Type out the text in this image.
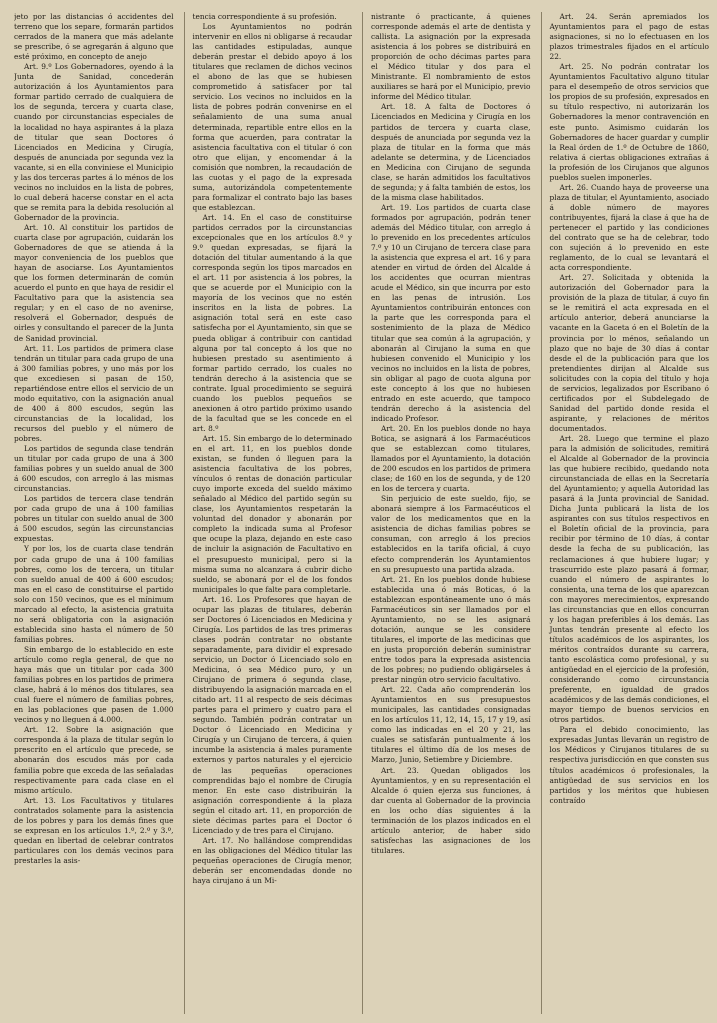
jeto por las distancias ó accidentes del terreno que los separe, formarán partidos cerrados de la manera que más adelante se prescribe, ó se agregarán á alguno que esté próximo, en concepto de anejo

Art. 9.º Los Gobernadores, oyendo á la Junta de Sanidad, concederán autorización á los Ayuntamientos para formar partido cerrado de cualquiera de los de segunda, tercera y cuarta clase, cuando por circunstancias especiales de la localidad no haya aspirantes á la plaza de titular que sean Doctores ó Licenciados en Medicina y Cirugía, después de anunciada por segunda vez la vacante, si en ella conviniese el Municipio y las dos terceras partes á lo ménos de los vecinos no incluidos en la lista de pobres, lo cual deberá hacerse constar en el acta que se remita para la debida resolución al Gobernador de la provincia.

Art. 10. Al constituir los partidos de cuarta clase por agrupación, cuidarán los Gobernadores de que se atienda á la mayor conveniencia de los pueblos que hayan de asociarse. Los Ayuntamientos que los formen determinarán de común acuerdo el punto en que haya de residir el Facultativo para que la asistencia sea regular; y en el caso de no avenirse, resolverá el Gobernador, después de oirles y consultando el parecer de la Junta de Sanidad provincial.

Art. 11. Los partidos de primera clase tendrán un titular para cada grupo de una á 300 familias pobres, y uno más por los que excediesen si pasan de 150, repartiéndose entre ellos el servicio de un modo equitativo, con la asignación anual de 400 á 800 escudos, según las circunstancias de la localidad, los recursos del pueblo y el número de pobres.

Los partidos de segunda clase tendrán un titular por cada grupo de una á 300 familias pobres y un sueldo anual de 300 á 600 escudos, con arreglo á las mismas circunstancias.

Los partidos de tercera clase tendrán por cada grupo de una á 100 familias pobres un titular con sueldo anual de 300 á 500 escudos, según las circunstancias expuestas.

Y por los, los de cuarta clase tendrán por cada grupo de una á 100 familias pobres, como los de tercera, un titular con sueldo anual de 400 á 600 escudos; mas en el caso de constituirse el partido solo con 150 vecinos, que es el mínimum marcado al efecto, la asistencia gratuita no será obligatoria con la asignación establecida sino hasta el número de 50 familias pobres.

Sin embargo de lo establecido en este artículo como regla general, de que no haya más que un titular por cada 300 familias pobres en los partidos de primera clase, habrá á lo ménos dos titulares, sea cual fuere el número de familias pobres, en las poblaciones que pasen de 1.000 vecinos y no lleguen á 4.000.

Art. 12. Sobre la asignación que corresponda á la plaza de titular según lo prescrito en el artículo que precede, se abonarán dos escudos más por cada familia pobre que exceda de las señaladas respectivamente para cada clase en el mismo artículo.

Art. 13. Los Facultativos y titulares contratados solamente para la asistencia de los pobres y para los demás fines que se expresan en los artículos 1.º, 2.º y 3.º, quedan en libertad de celebrar contratos particulares con los demás vecinos para prestarles la asis-

tencia correspondiente á su profesión.

Los Ayuntamientos no podrán intervenir en ellos ni obligarse á recaudar las cantidades estipuladas, aunque deberán prestar el debido apoyo á los titulares que reclamen de dichos vecinos el abono de las que se hubiesen comprometido á satisfacer por tal servicio. Los vecinos no incluidos en la lista de pobres podrán convenirse en el señalamiento de una suma anual determinada, repartible entre ellos en la forma que acuerden, para contratar la asistencia facultativa con el titular ó con otro que elijan, y encomendar á la comisión que nombren, la recaudación de las cuotas y el pago de la expresada suma, autorizándola competentemente para formalizar el contrato bajo las bases que establezcan.

Art. 14. En el caso de constituirse partidos cerrados por la circunstancias excepcionales que en los artículos 8.º y 9.º quedan expresadas, se fijará la dotación del titular aumentando á la que corresponda según los tipos marcados en el art. 11 por asistencia á los pobres, la que se acuerde por el Municipio con la mayoría de los vecinos que no estén inscritos en la lista de pobres. La asignación total será en este caso satisfecha por el Ayuntamiento, sin que se pueda obligar á contribuir con cantidad alguna por tal concepto á los que no hubiesen prestado su asentimiento á formar partido cerrado, los cuales no tendrán derecho á la asistencia que se contrate. Igual procedimiento se seguirá cuando los pueblos pequeños se anexionen á otro partido próximo usando de la facultad que se les concede en el art. 8.º

Art. 15. Sin embargo de lo determinado en el art. 11, en los pueblos donde existan, se funden ó lleguen para la asistencia facultativa de los pobres, vínculos ó rentas de donación particular cuyo importe exceda del sueldo máximo señalado al Médico del partido según su clase, los Ayuntamientos respetarán la voluntad del donador y abonarán por completo la indicada suma al Profesor que ocupe la plaza, dejando en este caso de incluir la asignación de Facultativo en el presupuesto municipal, pero si la misma suma no alcanzara á cubrir dicho sueldo, se abonará por el de los fondos municipales lo que falte para completarle.

Art. 16. Los Profesores que hayan de ocupar las plazas de titulares, deberán ser Doctores ó Licenciados en Medicina y Cirugía. Los partidos de las tres primeras clases podrán contratar no obstante separadamente, para dividir el expresado servicio, un Doctor ó Licenciado solo en Medicina, ó sea Médico puro, y un Cirujano de primera ó segunda clase, distribuyendo la asignación marcada en el citado art. 11 al respecto de seis décimas partes para el primero y cuatro para el segundo. También podrán contratar un Doctor ó Licenciado en Medicina y Cirugía y un Cirujano de tercera, á quien incumbe la asistencia á males puramente externos y partos naturales y el ejercicio de las pequeñas operaciones comprendidas bajo el nombre de Cirugía menor. En este caso distribuirán la asignación correspondiente á la plaza según el citado art. 11, en proporción de siete décimas partes para el Doctor ó Licenciado y de tres para el Cirujano.

Art. 17. No hallándose comprendidas en las obligaciones del Médico titular las pequeñas operaciones de Cirugía menor, deberán ser encomendadas donde no haya cirujano á un Mi-

nistrante ó practicante, á quienes corresponde además el arte de dentista y callista. La asignación por la expresada asistencia á los pobres se distribuirá en proporción de ocho décimas partes para el Médico titular y dos para el Ministrante. El nombramiento de estos auxiliares se hará por el Municipio, previo informe del Médico titular.

Art. 18. A falta de Doctores ó Licenciados en Medicina y Cirugía en los partidos de tercera y cuarta clase, después de anunciada por segunda vez la plaza de titular en la forma que más adelante se determina, y de Licenciados en Medicina con Cirujano de segunda clase, se harán admitidos los facultativos de segunda; y á falta también de estos, los de la misma clase habilitados.

Art. 19. Los partidos de cuarta clase formados por agrupación, podrán tener además del Médico titular, con arreglo á lo prevenido en los precedentes artículos 7.º y 10 un Cirujano de tercera clase para la asistencia que expresa el art. 16 y para atender en virtud de órden del Alcalde á los accidentes que ocurran mientras acude el Médico, sin que incurra por esto en las penas de intrusión. Los Ayuntamientos contribuirán entonces con la parte que les corresponda para el sostenimiento de la plaza de Médico titular que sea común á la agrupación, y abonarán al Cirujano la suma en que hubiesen convenido el Municipio y los vecinos no incluidos en la lista de pobres, sin obligar al pago de cuota alguna por este concepto á los que no hubiesen entrado en este acuerdo, que tampoco tendrán derecho á la asistencia del indicado Profesor.

Art. 20. En los pueblos donde no haya Botica, se asignará á los Farmacéuticos que se establezcan como titulares, llamados por el Ayuntamiento, la dotación de 200 escudos en los partidos de primera clase; de 160 en los de segunda, y de 120 en los de tercera y cuarta.

Sin perjuicio de este sueldo, fijo, se abonará siempre á los Farmacéuticos el valor de los medicamentos que en la asistencia de dichas familias pobres se consuman, con arreglo á los precios establecidos en la tarifa oficial, á cuyo efecto comprenderán los Ayuntamientos en su presupuesto una partida alzada.

Art. 21. En los pueblos donde hubiese establecida una ó más Boticas, ó la establezcan espontáneamente uno ó más Farmacéuticos sin ser llamados por el Ayuntamiento, no se les asignará dotación, aunque se les considere titulares, el importe de las medicinas que en justa proporción deberán suministrar entre todos para la expresada asistencia de los pobres; no pudiendo obligárseles á prestar ningún otro servicio facultativo.

Art. 22. Cada año comprenderán los Ayuntamientos en sus presupuestos municipales, las cantidades consignadas en los artículos 11, 12, 14, 15, 17 y 19, así como las indicadas en el 20 y 21, las cuales se satisfarán puntualmente á los titulares el último día de los meses de Marzo, Junio, Setiembre y Diciembre.

Art. 23. Quedan obligados los Ayuntamientos, y en su representación el Alcalde ó quien ejerza sus funciones, á dar cuenta al Gobernador de la provincia en los ocho días siguientes á la terminación de los plazos indicados en el artículo anterior, de haber sido satisfechas las asignaciones de los titulares.

Art. 24. Serán apremiados los Ayuntamientos para el pago de estas asignaciones, si no lo efectuasen en los plazos trimestrales fijados en el artículo 22.

Art. 25. No podrán contratar los Ayuntamientos Facultativo alguno titular para el desempeño de otros servicios que los propios de su profesión, expresados en su título respectivo, ni autorizarán los Gobernadores la menor contravención en este punto. Asimismo cuidarán los Gobernadores de hacer guardar y cumplir la Real órden de 1.º de Octubre de 1860, relativa á ciertas obligaciones extrañas á la profesión de los Cirujanos que algunos pueblos suelen imponerles.

Art. 26. Cuando haya de proveerse una plaza de titular, el Ayuntamiento, asociado á doble número de mayores contribuyentes, fijará la clase á que ha de pertenecer el partido y las condiciones del contrato que se ha de celebrar, todo con sujeción á lo prevenido en este reglamento, de lo cual se levantará el acta correspondiente.

Art. 27. Solicitada y obtenida la autorización del Gobernador para la provisión de la plaza de titular, á cuyo fin se le remitirá el acta expresada en el artículo anterior, deberá anunciarse la vacante en la Gaceta ó en el Boletín de la provincia por lo ménos, señalando un plazo que no baje de 30 días á contar desde el de la publicación para que los pretendientes dirijan al Alcalde sus solicitudes con la copia del título y hoja de servicios, legalizados por Escribano ó certificados por el Subdelegado de Sanidad del partido donde resida el aspirante, y relaciones de méritos documentados.

Art. 28. Luego que termine el plazo para la admisión de solicitudes, remitirá el Alcalde al Gobernador de la provincia las que hubiere recibido, quedando nota circunstanciada de ellas en la Secretaría del Ayuntamiento; y aquella Autoridad las pasará á la Junta provincial de Sanidad. Dicha Junta publicará la lista de los aspirantes con sus títulos respectivos en el Boletín oficial de la provincia, para recibir por término de 10 días, á contar desde la fecha de su publicación, las reclamaciones á que hubiere lugar; y trascurrido este plazo pasará á formar, cuando el número de aspirantes lo consienta, una terna de los que aparezcan con mayores merecimientos, expresando las circunstancias que en ellos concurran y los hagan preferibles á los demás. Las Juntas tendrán presente al efecto los títulos académicos de los aspirantes, los méritos contraídos durante su carrera, tanto escolástica como profesional, y su antigüedad en el ejercicio de la profesión, considerando como circunstancia preferente, en igualdad de grados académicos y de las demás condiciones, el mayor tiempo de buenos servicios en otros partidos.

Para el debido conocimiento, las expresadas Juntas llevarán un registro de los Médicos y Cirujanos titulares de su respectiva jurisdicción en que consten sus títulos académicos ó profesionales, la antigüedad de sus servicios en los partidos y los méritos que hubiesen contraído
